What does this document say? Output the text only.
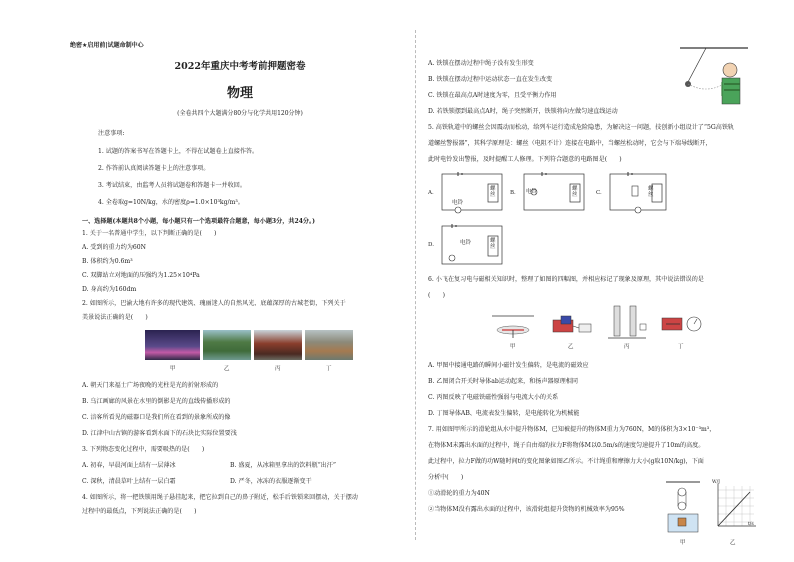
绝密★启用前|试题命制中心
2022年重庆中考考前押题密卷
物理
(全卷共四个大题满分80分与化学共用120分钟)
注意事项:
1. 试题的答案书写在答题卡上，不得在试题卷上直接作答。
2. 作答前认真阅读答题卡上的注意事项。
3. 考试结束，由监考人员将试题卷和答题卡一并收回。
4. 全卷取g=10N/kg，水的密度ρ=1.0×10³kg/m³。
一、选择题(本题共8个小题，每小题只有一个选项最符合题意，每小题3分，共24分。)
1. 关于一名普通中学生，以下判断正确的是(　　)
A. 受到的重力约为60N
B. 体积约为0.6m³
C. 双脚站立对地面的压强约为1.25×10⁴Pa
D. 身高约为160dm
2. 如图所示，巴渝大地有许多的现代建筑、瑰丽迷人的自然风光、底蕴深厚的古城老街，下列关于
美景说法正确的是(　　)
甲	乙	丙	丁
A. 朝天门来福士广场夜晚的光柱是光的折射形成的
B. 乌江画廊的风景在水里的倒影是光的直线传播形成的
C. 涪客所看见的磁器口是我们所在看到的景象所成的像
D. 江津中山古镇的游客看到水面下的石块比实际位置要浅
3. 下列物态变化过程中，需要吸热的是(　　)
A. 初春，早晨河面上结有一层薄冰	B. 盛夏，从冰箱里拿出的饮料瓶“出汗”
C. 深秋，清晨草叶上结有一层白霜	D. 严冬，冰冻的衣服逐渐变干
4. 如图所示，将一把铁锁用绳子悬挂起来，把它拉到自己的鼻子附近，松手后铁锁来回摆动，关于摆动
过程中的最低点，下列说法正确的是(　　)
A. 铁锁在摆动过程中绳子没有发生形变
B. 铁锁在摆动过程中运动状态一直在发生改变
C. 铁锁在最高点A时速度为零，且受平衡力作用
D. 若铁锁摆到最高点A时，绳子突然断开，铁锁将向左做匀速直线运动
5. 高铁轨道中的螺丝会因震动而松动，给列车运行造成危险隐患，为解决这一问题，技创新小组设计了“5G高铁轨
道螺丝警报器”，其科学原理是：螺丝（电阻不计）连接在电路中，当螺丝松动时，它会与下端导线断开，
此时电铃发出警报，及时提醒工人修理。下列符合题意的电路图是(　　)
A.
电铃
螺丝	B. 电铃	螺丝	C.
螺丝
D.	电铃	螺丝
6. 小飞在复习电与磁相关知识时，整理了如图的四幅图，并相应标记了现象及原理，其中说法错误的是
(　　)
甲	乙	丙	丁
A. 甲图中接通电路的瞬间小磁针发生偏转，是电流的磁效应
B. 乙图闭合开关时导体ab运动起来，和扬声器原理相同
C. 丙图反映了电磁铁磁性强弱与电流大小的关系
D. 丁图导体AB、电流表发生偏转，是电能转化为机械能
7. 用如图甲所示的滑轮组从水中提升物体M，已知被提升的物体M重力为760N，M的体积为3×10⁻³m³，
在物体M未露出水面的过程中，绳子自由端的拉力F将物体M以0.5m/s的速度匀速提升了10m的高度。
此过程中，拉力F做的功W随时间t的变化图象如图乙所示。不计绳重和摩擦力大小(g取10N/kg)，下面
分析中(　　)
①动滑轮的重力为40N
②当物体M没有露出水面的过程中，该滑轮组提升货物的机械效率为95%
甲
W/J
t/s
乙
